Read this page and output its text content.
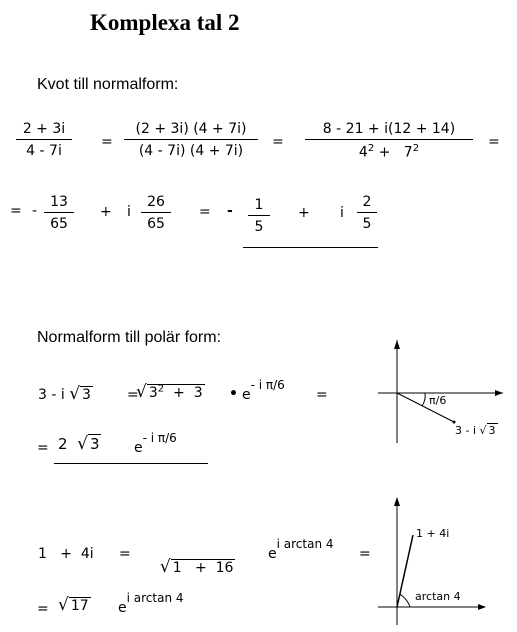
Komplexa tal 2
Kvot till normalform:
2 + 3i
4 - 7i
=
(2 + 3i) (4 + 7i)
(4 - 7i) (4 + 7i)
=
8 - 21 + i(12 + 14)
$4^2 + 7^2$	=
= -
13
65
+ i
26
65
= -	1
5
+ i
2
5
Normalform till polär form:
3 - i √ 3	=
√ $3^2 + 3$ • e- i π/6
=
= 2 √ 3 e- i π/6
π/6
3 - i √ 3
1   +  4i =

√ 1   +  16

ei arctan 4
=
= √ 17 ei arctan 4
1 + 4i
arctan 4
